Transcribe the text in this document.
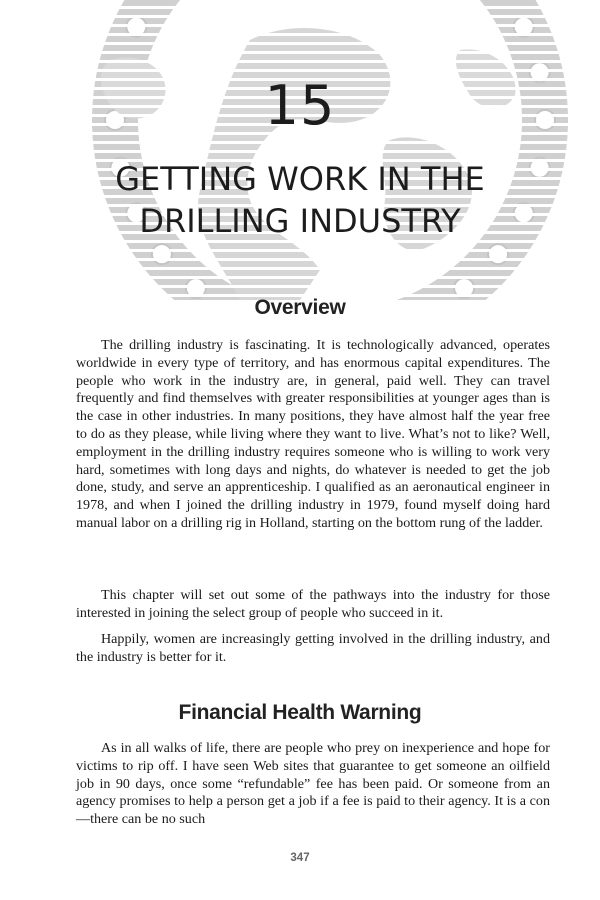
15
GETTING WORK IN THE DRILLING INDUSTRY
Overview

The drilling industry is fascinating. It is technologically advanced, operates worldwide in every type of territory, and has enormous capital expenditures. The people who work in the industry are, in general, paid well. They can travel frequently and find themselves with greater responsibilities at younger ages than is the case in other industries. In many positions, they have almost half the year free to do as they please, while living where they want to live. What’s not to like? Well, employment in the drilling industry requires someone who is willing to work very hard, sometimes with long days and nights, do whatever is needed to get the job done, study, and serve an apprenticeship. I qualified as an aeronautical engineer in 1978, and when I joined the drilling industry in 1979, found myself doing hard manual labor on a drilling rig in Holland, starting on the bottom rung of the ladder.

This chapter will set out some of the pathways into the industry for those interested in joining the select group of people who succeed in it.

Happily, women are increasingly getting involved in the drilling industry, and the industry is better for it.

Financial Health Warning

As in all walks of life, there are people who prey on inexperience and hope for victims to rip off. I have seen Web sites that guarantee to get someone an oilfield job in 90 days, once some “refundable” fee has been paid. Or someone from an agency promises to help a person get a job if a fee is paid to their agency. It is a con—there can be no such

347
